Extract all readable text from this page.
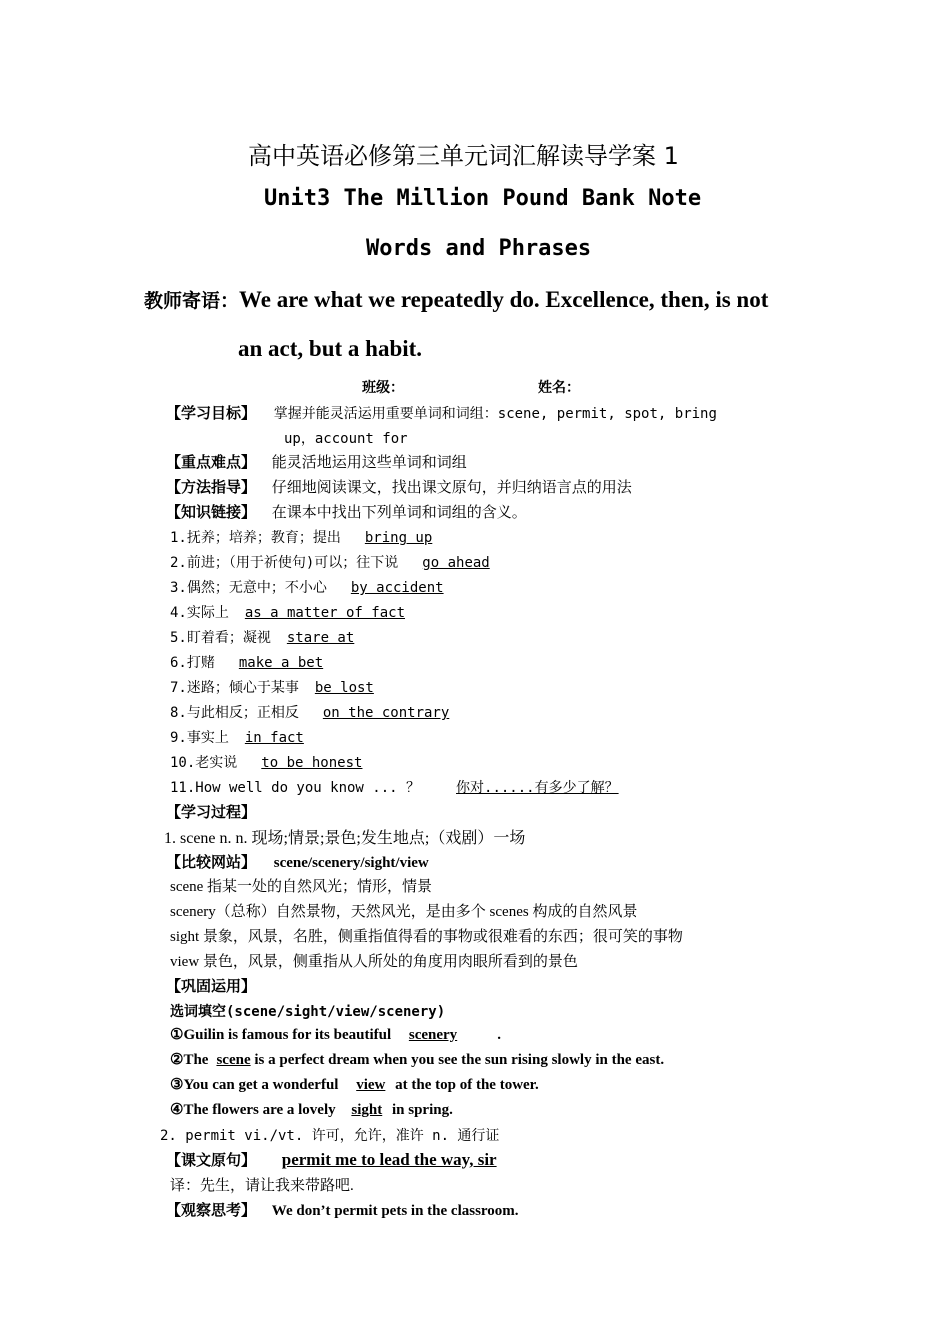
高中英语必修第三单元词汇解读导学案 1
Unit3 The Million Pound Bank Note
Words and Phrases
教师寄语：We are what we repeatedly do. Excellence, then, is not
an act, but a habit.
班级：	姓名：
【学习目标】 掌握并能灵活运用重要单词和词组：scene, permit, spot, bring
up，account for
【重点难点】 能灵活地运用这些单词和词组
【方法指导】 仔细地阅读课文，找出课文原句，并归纳语言点的用法
【知识链接】 在课本中找出下列单词和词组的含义。
1.抚养；培养；教育；提出 bring up
2.前进；（用于祈使句)可以；往下说 go ahead
3.偶然；无意中；不小心 by accident
4.实际上 as a matter of fact
5.盯着看；凝视 stare at
6.打赌 make a bet
7.迷路；倾心于某事 be lost
8.与此相反；正相反 on the contrary
9.事实上 in fact
10.老实说 to be honest
11.How well do you know ... ？	你对......有多少了解？
【学习过程】
1. scene n. n. 现场;情景;景色;发生地点;（戏剧）一场
【比较网站】 scene/scenery/sight/view
scene 指某一处的自然风光；情形，情景
scenery（总称）自然景物，天然风光，是由多个 scenes 构成的自然风景
sight 景象，风景，名胜，侧重指值得看的事物或很难看的东西；很可笑的事物
view 景色，风景，侧重指从人所处的角度用肉眼所看到的景色
【巩固运用】
选词填空(scene/sight/view/scenery)
①Guilin is famous for its beautiful scenery	.
②The scene is a perfect dream when you see the sun rising slowly in the east.
③You can get a wonderful view at the top of the tower.
④The flowers are a lovely sight in spring.
2. permit vi./vt. 许可，允许，准许 n. 通行证
【课文原句】 permit me to lead the way, sir
译：先生，请让我来带路吧.
【观察思考】 We don’t permit pets in the classroom.
